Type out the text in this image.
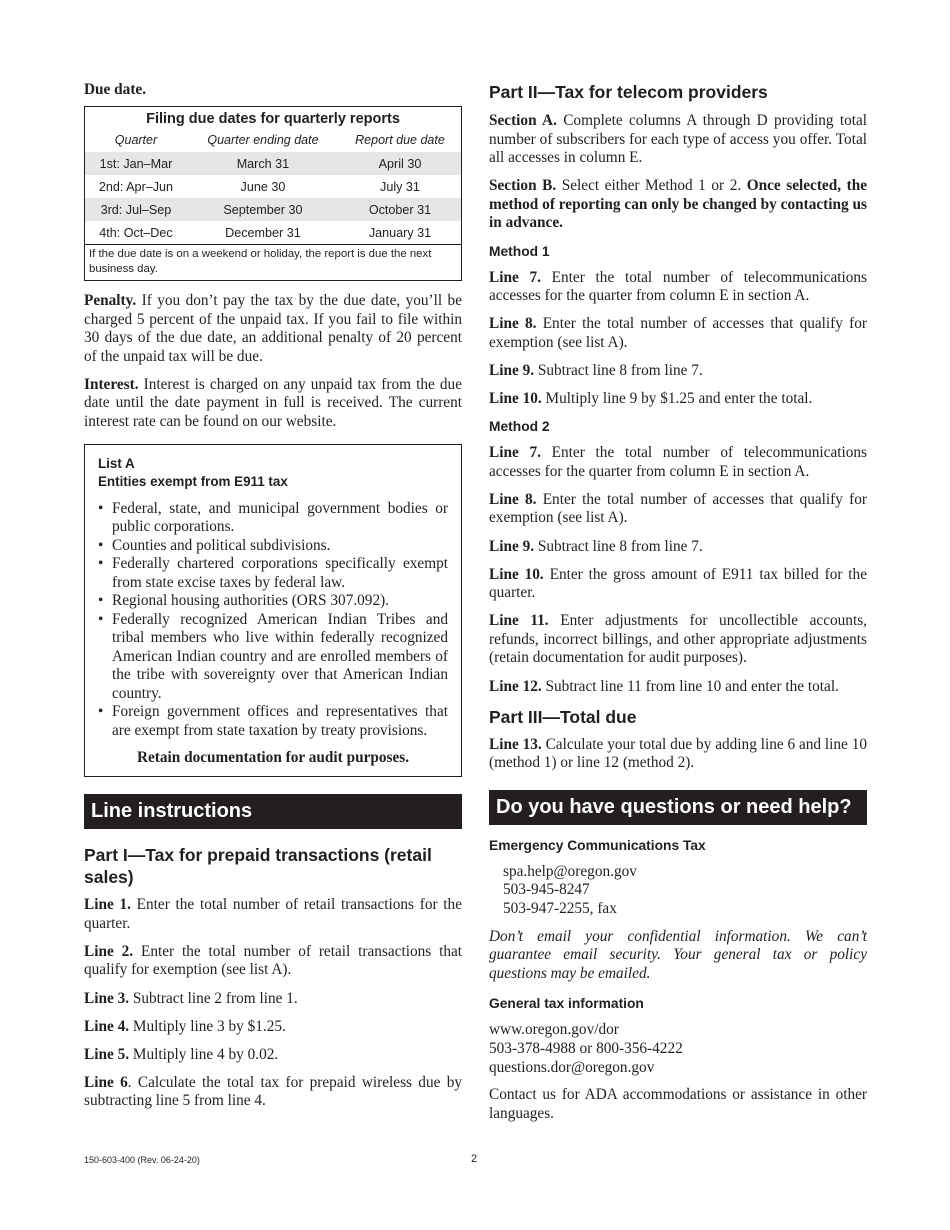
Due date.

Filing due dates for quarterly reports		
Quarter	Quarter ending date	Report due date
1st: Jan–Mar	March 31	April 30
2nd: Apr–Jun	June 30	July 31
3rd: Jul–Sep	September 30	October 31
4th: Oct–Dec	December 31	January 31
If the due date is on a weekend or holiday, the report is due the next business day.		

Penalty. If you don’t pay the tax by the due date, you’ll be charged 5 percent of the unpaid tax. If you fail to file within 30 days of the due date, an additional penalty of 20 percent of the unpaid tax will be due.

Interest. Interest is charged on any unpaid tax from the due date until the date payment in full is received. The current interest rate can be found on our website.

List A
Entities exempt from E911 tax
• Federal, state, and municipal government bodies or public corporations.
• Counties and political subdivisions.
• Federally chartered corporations specifically exempt from state excise taxes by federal law.
• Regional housing authorities (ORS 307.092).
• Federally recognized American Indian Tribes and tribal members who live within federally recognized American Indian country and are enrolled members of the tribe with sovereignty over that American Indian country.
• Foreign government offices and representatives that are exempt from state taxation by treaty provisions.
Retain documentation for audit purposes.
Line instructions
Part I—Tax for prepaid transactions (retail sales)

Line 1. Enter the total number of retail transactions for the quarter.

Line 2. Enter the total number of retail transactions that qualify for exemption (see list A).

Line 3. Subtract line 2 from line 1.

Line 4. Multiply line 3 by $1.25.

Line 5. Multiply line 4 by 0.02.

Line 6. Calculate the total tax for prepaid wireless due by subtracting line 5 from line 4.

Part II—Tax for telecom providers

Section A. Complete columns A through D providing total number of subscribers for each type of access you offer. Total all accesses in column E.

Section B. Select either Method 1 or 2. Once selected, the method of reporting can only be changed by contacting us in advance.

Method 1

Line 7. Enter the total number of telecommunications accesses for the quarter from column E in section A.

Line 8. Enter the total number of accesses that qualify for exemption (see list A).

Line 9. Subtract line 8 from line 7.

Line 10. Multiply line 9 by $1.25 and enter the total.

Method 2

Line 7. Enter the total number of telecommunications accesses for the quarter from column E in section A.

Line 8. Enter the total number of accesses that qualify for exemption (see list A).

Line 9. Subtract line 8 from line 7.

Line 10. Enter the gross amount of E911 tax billed for the quarter.

Line 11. Enter adjustments for uncollectible accounts, refunds, incorrect billings, and other appropriate adjustments (retain documentation for audit purposes).

Line 12. Subtract line 11 from line 10 and enter the total.

Part III—Total due

Line 13. Calculate your total due by adding line 6 and line 10 (method 1) or line 12 (method 2).

Do you have questions or need help?
Emergency Communications Tax
spa.help@oregon.gov
503-945-8247
503-947-2255, fax

Don’t email your confidential information. We can’t guarantee email security. Your general tax or policy questions may be emailed.

General tax information
www.oregon.gov/dor
503-378-4988 or 800-356-4222
questions.dor@oregon.gov

Contact us for ADA accommodations or assistance in other languages.

150-603-400 (Rev. 06-24-20)	2
